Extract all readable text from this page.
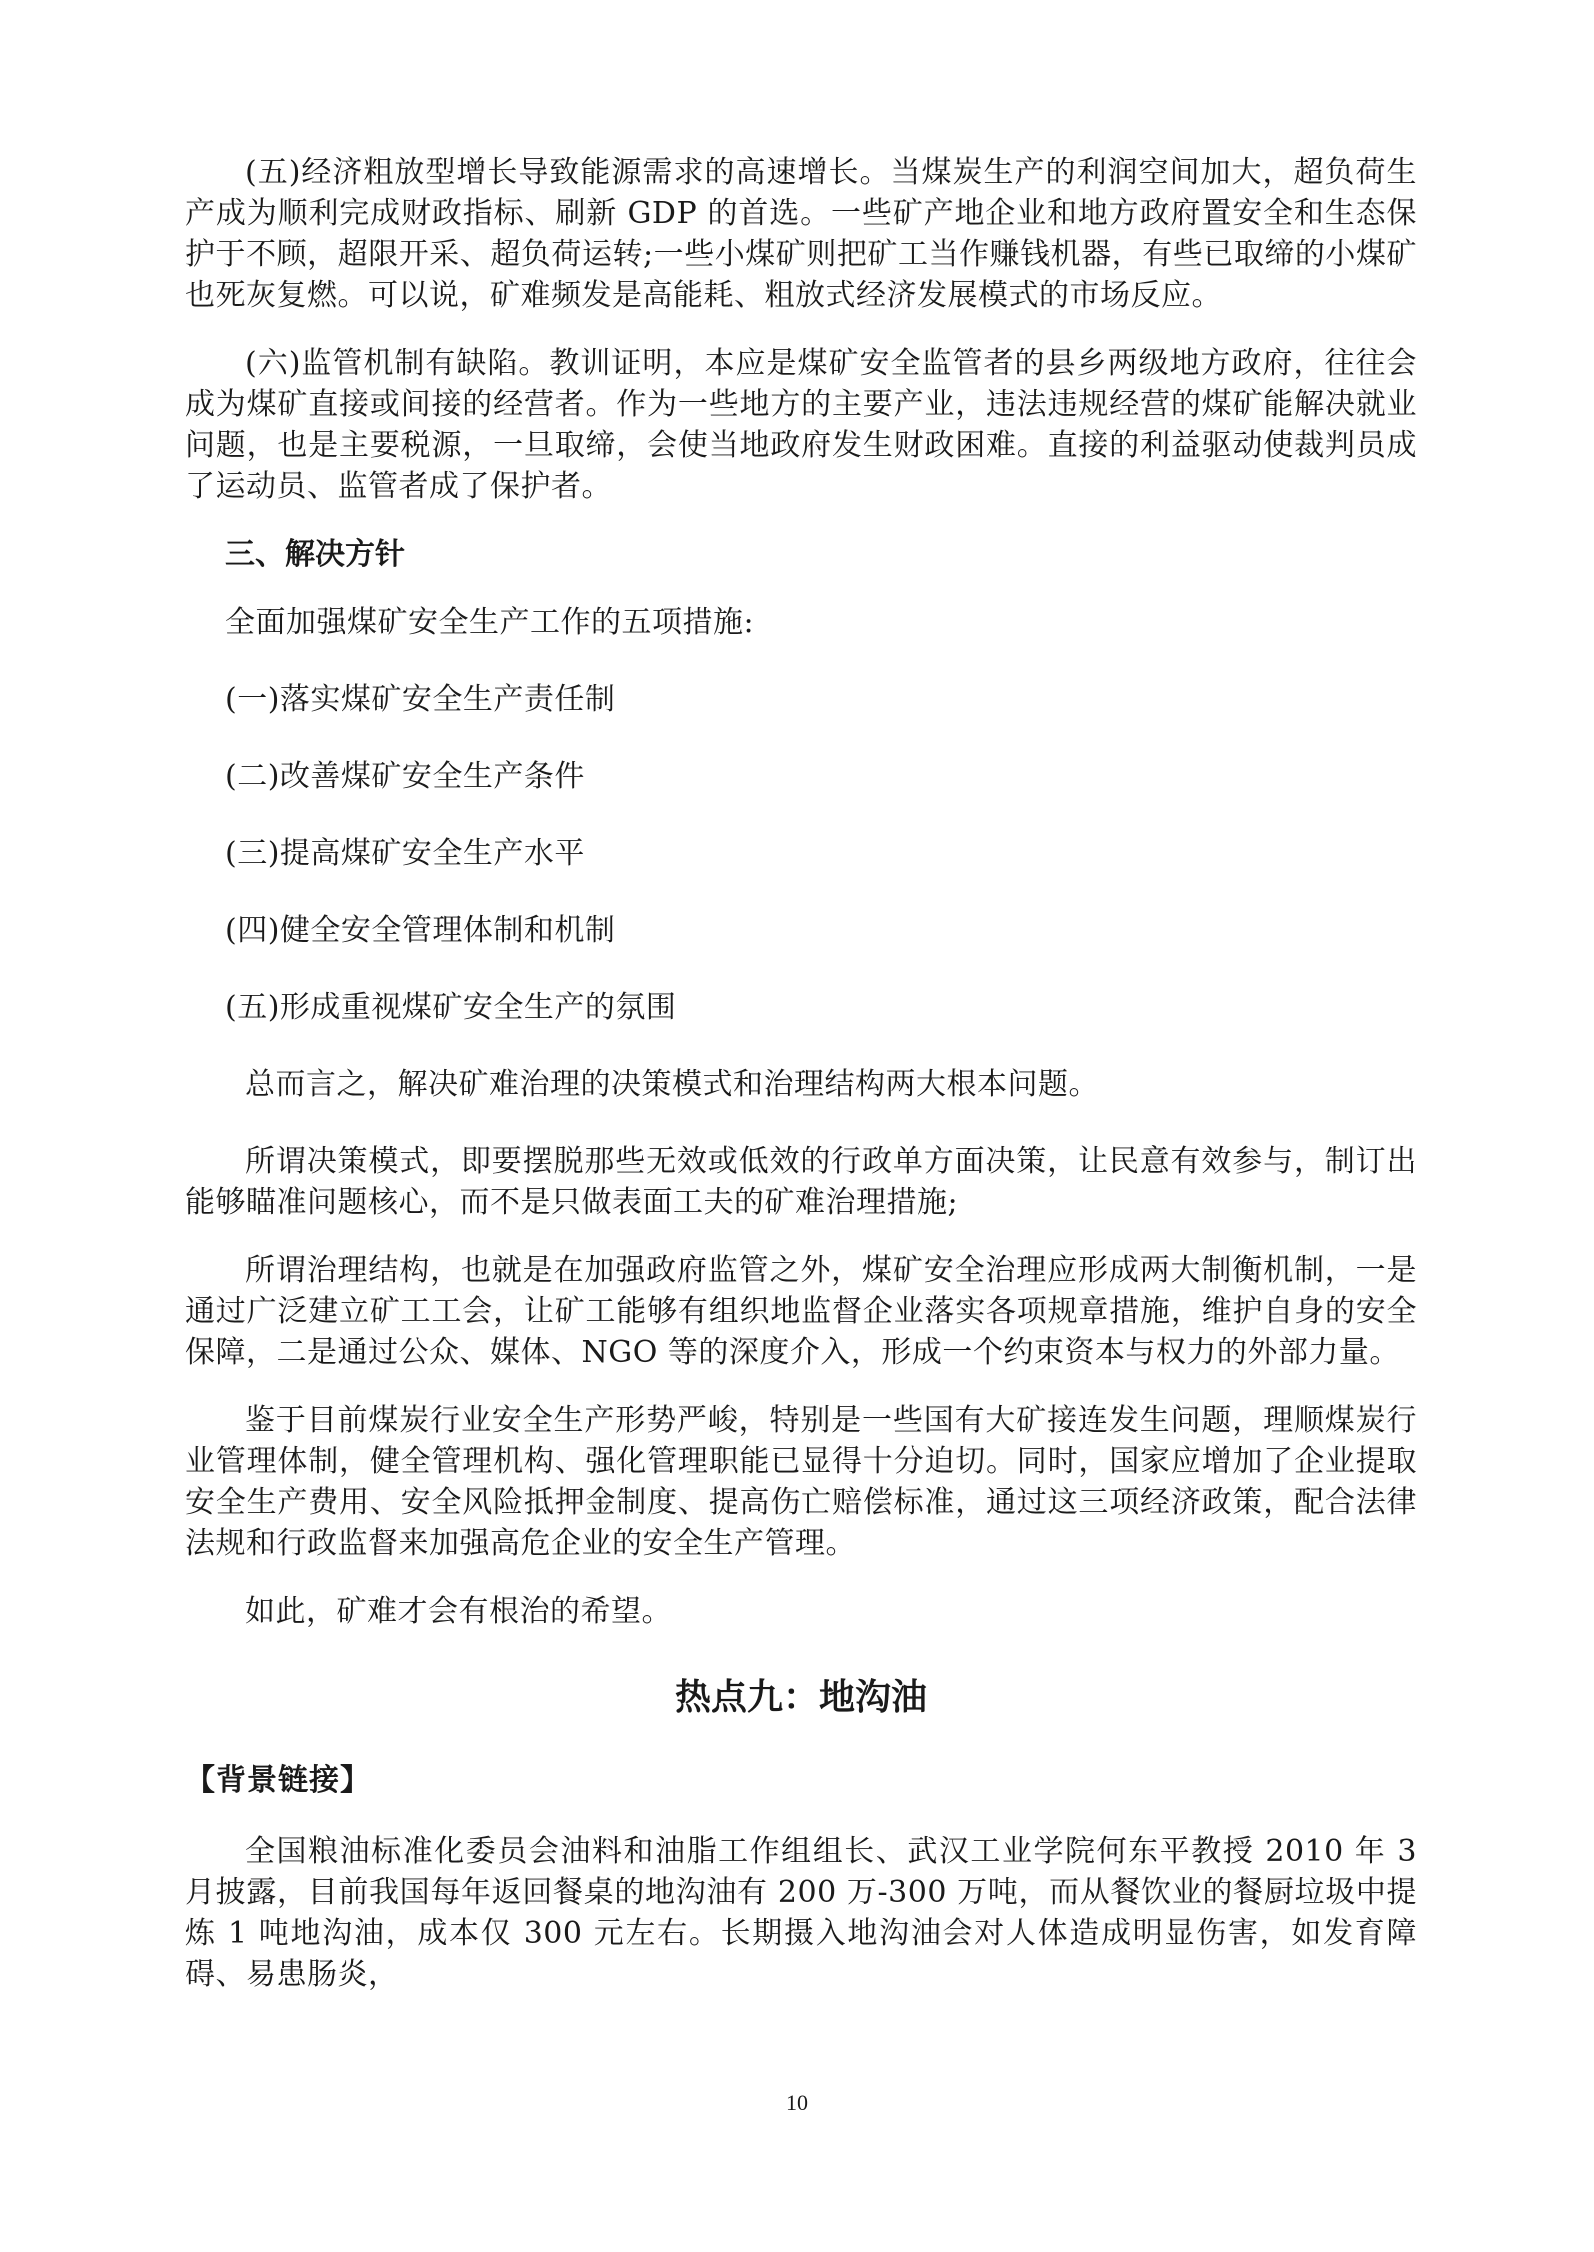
(五)经济粗放型增长导致能源需求的高速增长。当煤炭生产的利润空间加大，超负荷生产成为顺利完成财政指标、刷新 GDP 的首选。一些矿产地企业和地方政府置安全和生态保护于不顾，超限开采、超负荷运转;一些小煤矿则把矿工当作赚钱机器，有些已取缔的小煤矿也死灰复燃。可以说，矿难频发是高能耗、粗放式经济发展模式的市场反应。

(六)监管机制有缺陷。教训证明，本应是煤矿安全监管者的县乡两级地方政府，往往会成为煤矿直接或间接的经营者。作为一些地方的主要产业，违法违规经营的煤矿能解决就业问题，也是主要税源，一旦取缔，会使当地政府发生财政困难。直接的利益驱动使裁判员成了运动员、监管者成了保护者。

三、解决方针

全面加强煤矿安全生产工作的五项措施:

(一)落实煤矿安全生产责任制

(二)改善煤矿安全生产条件

(三)提高煤矿安全生产水平

(四)健全安全管理体制和机制

(五)形成重视煤矿安全生产的氛围

总而言之，解决矿难治理的决策模式和治理结构两大根本问题。

所谓决策模式，即要摆脱那些无效或低效的行政单方面决策，让民意有效参与，制订出能够瞄准问题核心，而不是只做表面工夫的矿难治理措施;

所谓治理结构，也就是在加强政府监管之外，煤矿安全治理应形成两大制衡机制，一是通过广泛建立矿工工会，让矿工能够有组织地监督企业落实各项规章措施，维护自身的安全保障，二是通过公众、媒体、NGO 等的深度介入，形成一个约束资本与权力的外部力量。

鉴于目前煤炭行业安全生产形势严峻，特别是一些国有大矿接连发生问题，理顺煤炭行业管理体制，健全管理机构、强化管理职能已显得十分迫切。同时，国家应增加了企业提取安全生产费用、安全风险抵押金制度、提高伤亡赔偿标准，通过这三项经济政策，配合法律法规和行政监督来加强高危企业的安全生产管理。

如此，矿难才会有根治的希望。

热点九：地沟油

【背景链接】

全国粮油标准化委员会油料和油脂工作组组长、武汉工业学院何东平教授 2010 年 3 月披露，目前我国每年返回餐桌的地沟油有 200 万-300 万吨，而从餐饮业的餐厨垃圾中提炼 1 吨地沟油，成本仅 300 元左右。长期摄入地沟油会对人体造成明显伤害，如发育障碍、易患肠炎，

10
